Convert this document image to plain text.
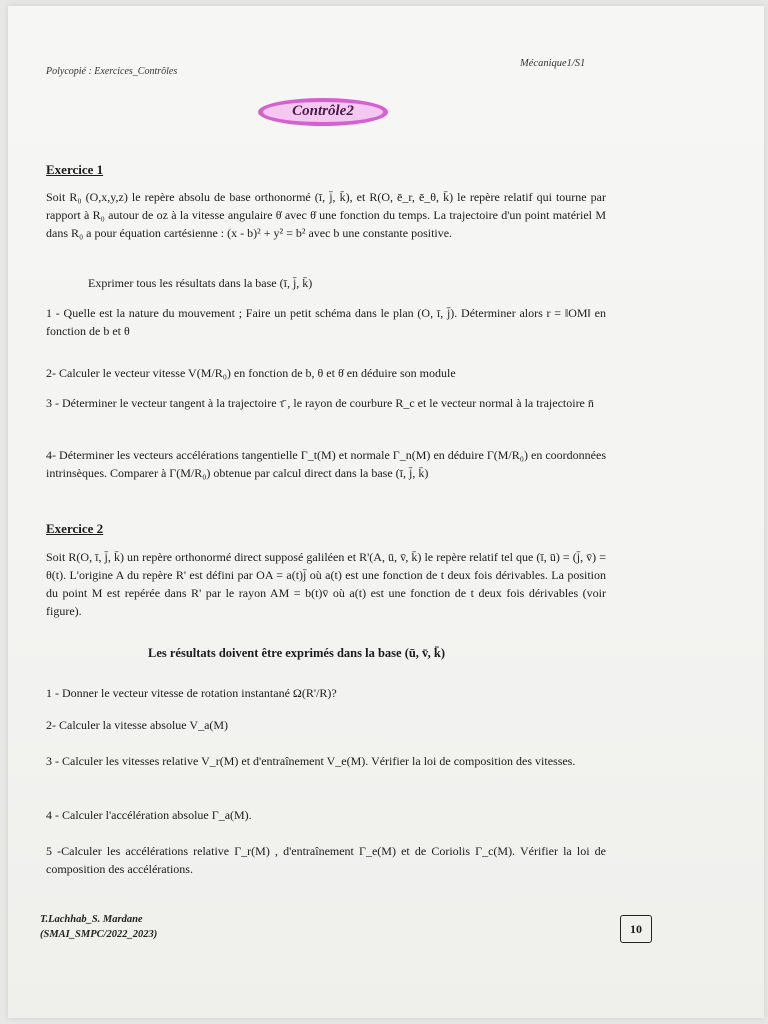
Polycopié : Exercices_Contrôles
Mécanique1/S1
Contrôle2
Exercice 1
Soit R₀ (O,x,y,z) le repère absolu de base orthonormé (ī, j̄, k̄), et R(O, ē_r, ē_θ, k̄) le repère relatif qui tourne par rapport à R₀ autour de oz à la vitesse angulaire θ̇ avec θ̇ une fonction du temps. La trajectoire d'un point matériel M dans R₀ a pour équation cartésienne : (x - b)² + y² = b² avec b une constante positive.
Exprimer tous les résultats dans la base (ī, j̄, k̄)
1 - Quelle est la nature du mouvement ; Faire un petit schéma dans le plan (O, ī, j̄). Déterminer alors r = ‖OM‖ en fonction de b et θ
2- Calculer le vecteur vitesse V(M/R₀) en fonction de b, θ et θ̇ en déduire son module
3 - Déterminer le vecteur tangent à la trajectoire τ̄ , le rayon de courbure R_c et le vecteur normal à la trajectoire n̄
4- Déterminer les vecteurs accélérations tangentielle Γ_t(M) et normale Γ_n(M) en déduire Γ(M/R₀) en coordonnées intrinsèques. Comparer à Γ(M/R₀) obtenue par calcul direct dans la base (ī, j̄, k̄)
Exercice 2
Soit R(O, ī, j̄, k̄) un repère orthonormé direct supposé galiléen et R'(A, ū, v̄, k̄) le repère relatif tel que (ī, ū) = (j̄, v̄) = θ(t). L'origine A du repère R' est défini par OA = a(t)j̄ où a(t) est une fonction de t deux fois dérivables. La position du point M est repérée dans R' par le rayon AM = b(t)v̄ où a(t) est une fonction de t deux fois dérivables (voir figure).
Les résultats doivent être exprimés dans la base (ū, v̄, k̄)
1 - Donner le vecteur vitesse de rotation instantané Ω(R'/R)?
2- Calculer la vitesse absolue V_a(M)
3 - Calculer les vitesses relative V_r(M) et d'entraînement V_e(M). Vérifier la loi de composition des vitesses.
4 - Calculer l'accélération absolue Γ_a(M).
5 -Calculer les accélérations relative Γ_r(M) , d'entraînement Γ_e(M) et de Coriolis Γ_c(M). Vérifier la loi de composition des accélérations.
T.Lachhab_S. Mardane
(SMAI_SMPC/2022_2023)	10
